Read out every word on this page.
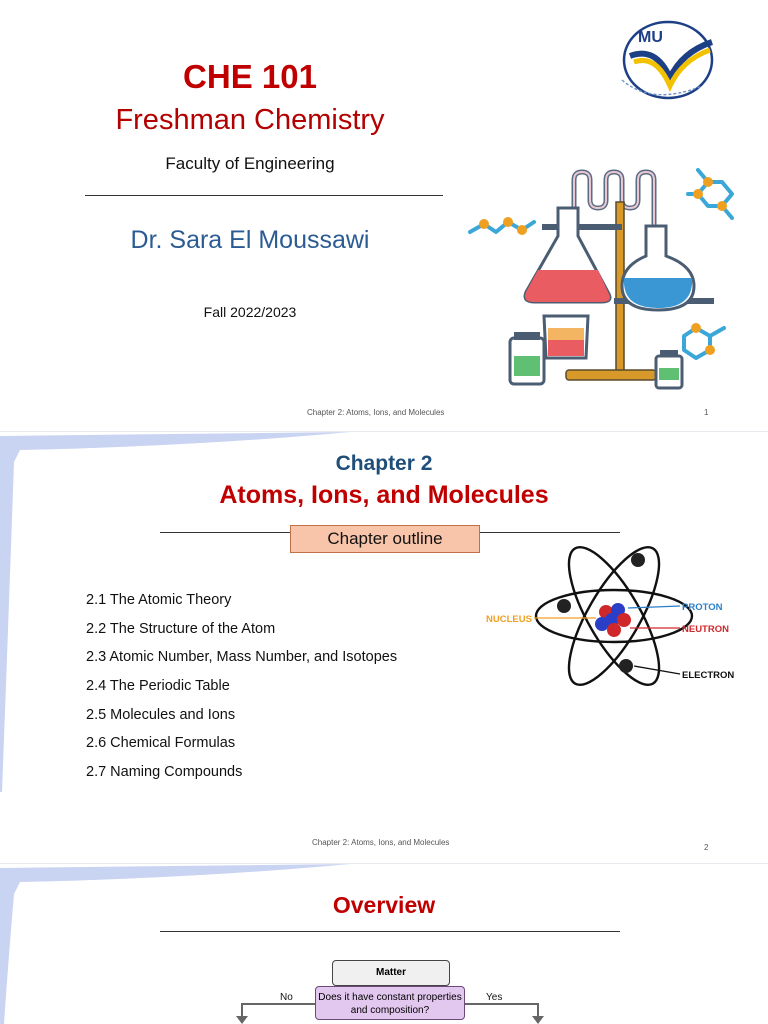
CHE 101
Freshman Chemistry
Faculty of Engineering
Dr. Sara El Moussawi
Fall 2022/2023
MU
Chapter 2: Atoms, Ions, and Molecules	1
Chapter 2
Atoms, Ions, and Molecules
Chapter outline
2.1 The Atomic Theory
2.2 The Structure of the Atom
2.3 Atomic Number, Mass Number, and Isotopes
2.4 The Periodic Table
2.5 Molecules and Ions
2.6 Chemical Formulas
2.7 Naming Compounds
NUCLEUS
PROTON
NEUTRON
ELECTRON
Chapter 2: Atoms, Ions, and Molecules
2
Overview
Matter
Does it have constant properties and composition?
No	Yes
